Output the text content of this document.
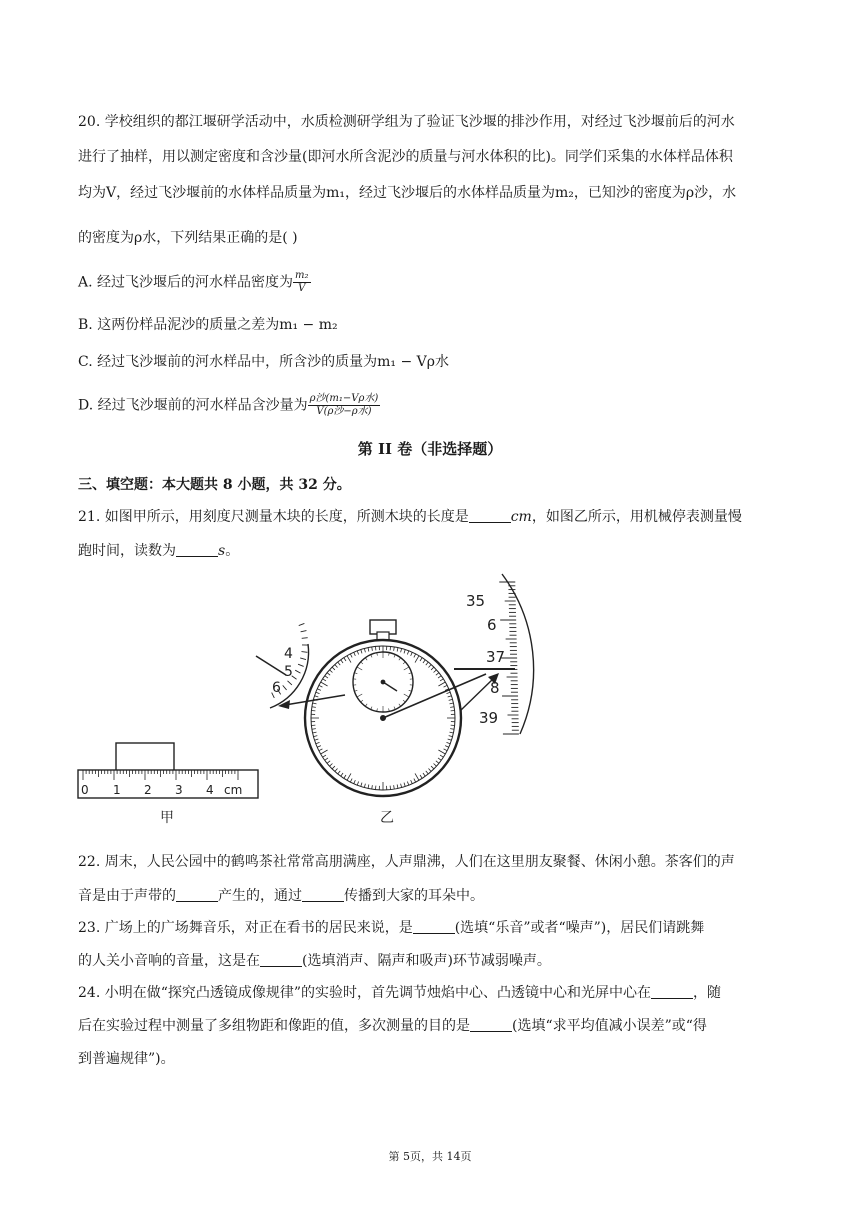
20. 学校组织的都江堰研学活动中，水质检测研学组为了验证飞沙堰的排沙作用，对经过飞沙堰前后的河水
进行了抽样，用以测定密度和含沙量(即河水所含泥沙的质量与河水体积的比)。同学们采集的水体样品体积
均为V，经过飞沙堰前的水体样品质量为m₁，经过飞沙堰后的水体样品质量为m₂，已知沙的密度为ρ沙，水
的密度为ρ水，下列结果正确的是( )
A. 经过飞沙堰后的河水样品密度为 $\frac{\text{m₂}}{V}$
B. 这两份样品泥沙的质量之差为m₁ − m₂
C. 经过飞沙堰前的河水样品中，所含沙的质量为m₁ − Vρ水
D. 经过飞沙堰前的河水样品含沙量为 $\frac{\text{ρ沙(m₁−Vρ水)}}{\text{V(ρ沙−ρ水)}}$
第 II 卷（非选择题）
三、填空题：本大题共 8 小题，共 32 分。
21. 如图甲所示，用刻度尺测量木块的长度，所测木块的长度是	cm，如图乙所示，用机械停表测量慢
跑时间，读数为	s。
0 1 2 3 4 cm
甲
4
5
6
35
6
37
8
39
乙
22. 周末，人民公园中的鹤鸣茶社常常高朋满座，人声鼎沸，人们在这里朋友聚餐、休闲小憩。茶客们的声
音是由于声带的	产生的，通过	传播到大家的耳朵中。
23. 广场上的广场舞音乐，对正在看书的居民来说，是	(选填“乐音”或者“噪声”)，居民们请跳舞
的人关小音响的音量，这是在	(选填消声、隔声和吸声)环节减弱噪声。
24. 小明在做“探究凸透镜成像规律”的实验时，首先调节烛焰中心、凸透镜中心和光屏中心在	，随
后在实验过程中测量了多组物距和像距的值，多次测量的目的是	(选填“求平均值减小误差”或“得
到普遍规律”)。
第 5页，共 14页
